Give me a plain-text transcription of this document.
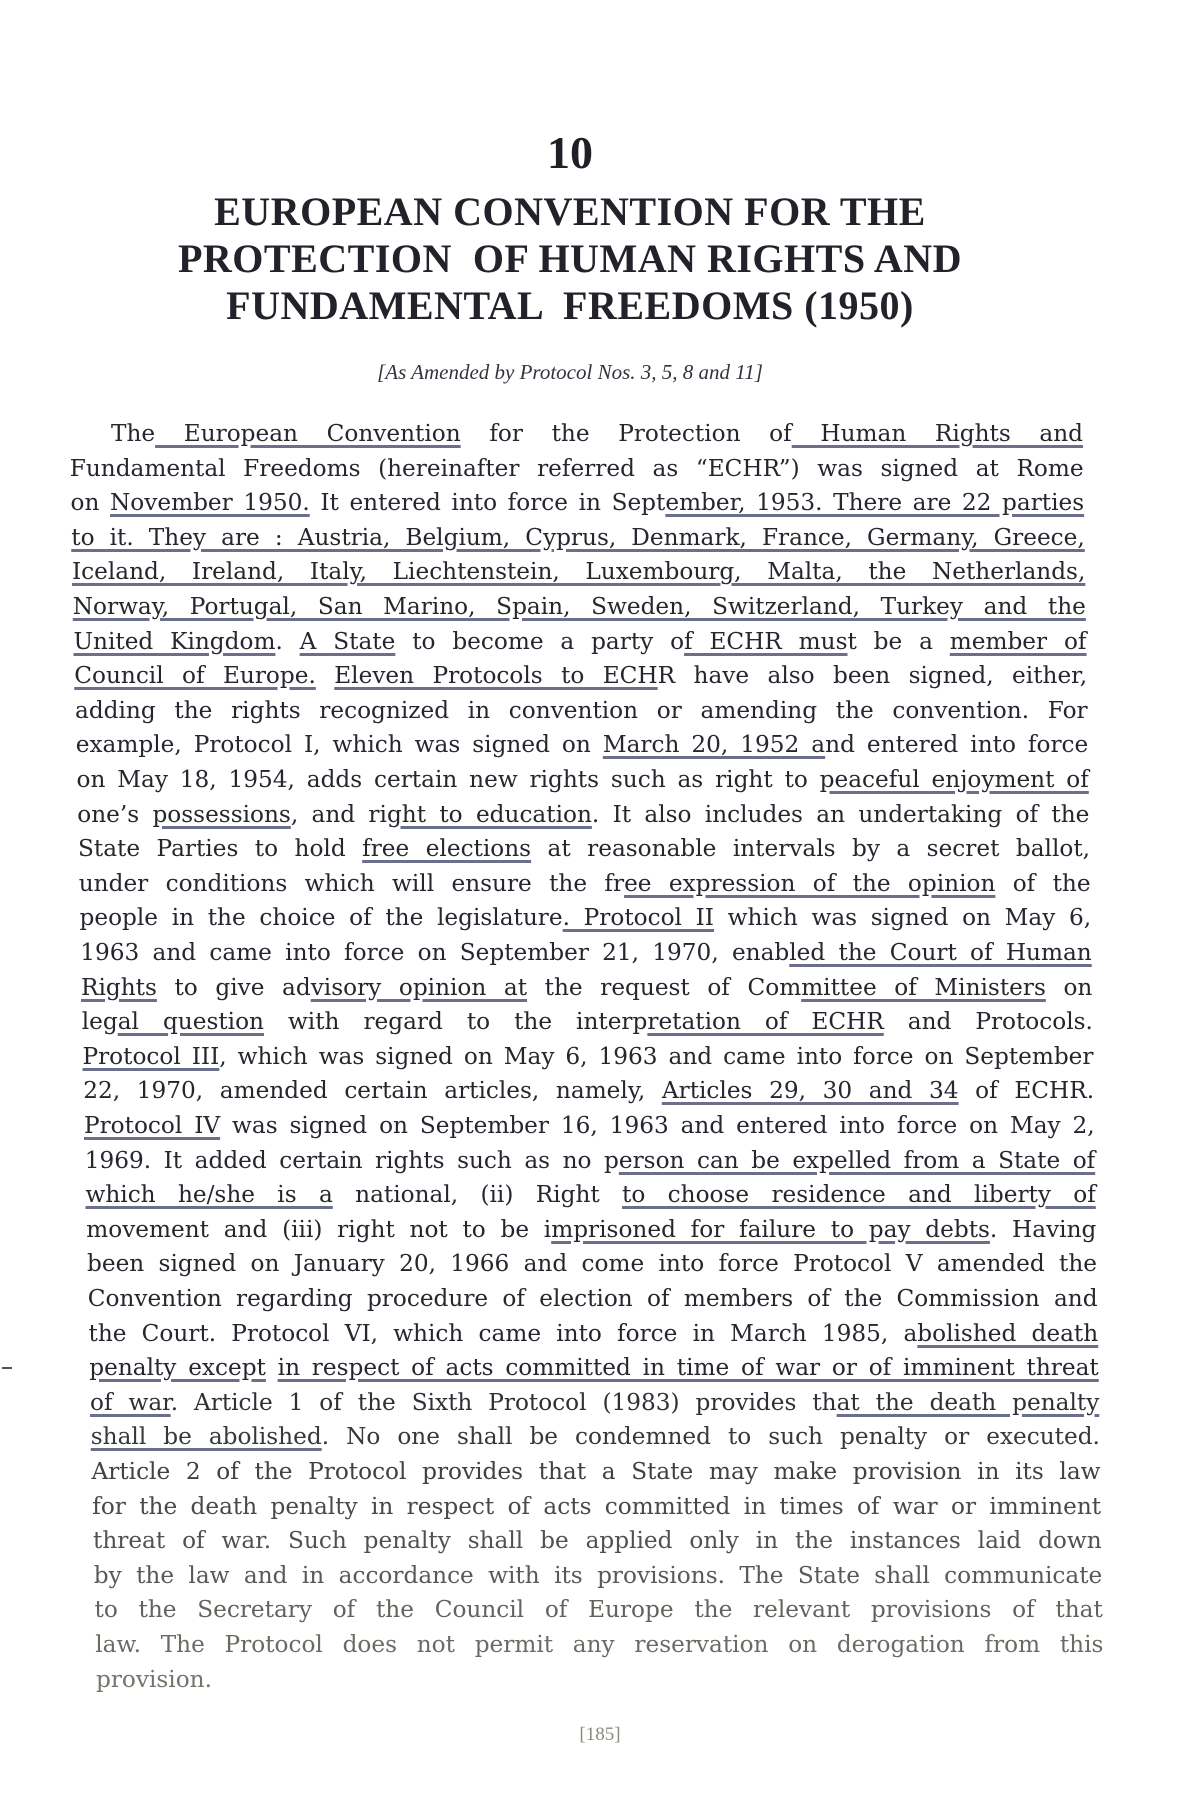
10
EUROPEAN CONVENTION FOR THE
PROTECTION  OF HUMAN RIGHTS AND
FUNDAMENTAL  FREEDOMS (1950)
[As Amended by Protocol Nos. 3, 5, 8 and 11]
The European Convention for the Protection of Human Rights and
Fundamental Freedoms (hereinafter referred as “ECHR”) was signed at Rome
on November 1950. It entered into force in September, 1953. There are 22 parties
to it. They are : Austria, Belgium, Cyprus, Denmark, France, Germany, Greece,
Iceland, Ireland, Italy, Liechtenstein, Luxembourg, Malta, the Netherlands,
Norway, Portugal, San Marino, Spain, Sweden, Switzerland, Turkey and the
United Kingdom. A State to become a party of ECHR must be a member of
Council of Europe. Eleven Protocols to ECHR have also been signed, either,
adding the rights recognized in convention or amending the convention. For
example, Protocol I, which was signed on March 20, 1952 and entered into force
on May 18, 1954, adds certain new rights such as right to peaceful enjoyment of
one’s possessions, and right to education. It also includes an undertaking of the
State Parties to hold free elections at reasonable intervals by a secret ballot,
under conditions which will ensure the free expression of the opinion of the
people in the choice of the legislature. Protocol II which was signed on May 6,
1963 and came into force on September 21, 1970, enabled the Court of Human
Rights to give advisory opinion at the request of Committee of Ministers on
legal question with regard to the interpretation of ECHR and Protocols.
Protocol III, which was signed on May 6, 1963 and came into force on September
22, 1970, amended certain articles, namely, Articles 29, 30 and 34 of ECHR.
Protocol IV was signed on September 16, 1963 and entered into force on May 2,
1969. It added certain rights such as no person can be expelled from a State of
which he/she is a national, (ii) Right to choose residence and liberty of
movement and (iii) right not to be imprisoned for failure to pay debts. Having
been signed on January 20, 1966 and come into force Protocol V amended the
Convention regarding procedure of election of members of the Commission and
the Court. Protocol VI, which came into force in March 1985, abolished death
penalty except in respect of acts committed in time of war or of imminent threat
of war. Article 1 of the Sixth Protocol (1983) provides that the death penalty
shall be abolished. No one shall be condemned to such penalty or executed.
Article 2 of the Protocol provides that a State may make provision in its law
for the death penalty in respect of acts committed in times of war or imminent
threat of war. Such penalty shall be applied only in the instances laid down
by the law and in accordance with its provisions. The State shall communicate
to the Secretary of the Council of Europe the relevant provisions of that
law. The Protocol does not permit any reservation on derogation from this
provision.
[185]
